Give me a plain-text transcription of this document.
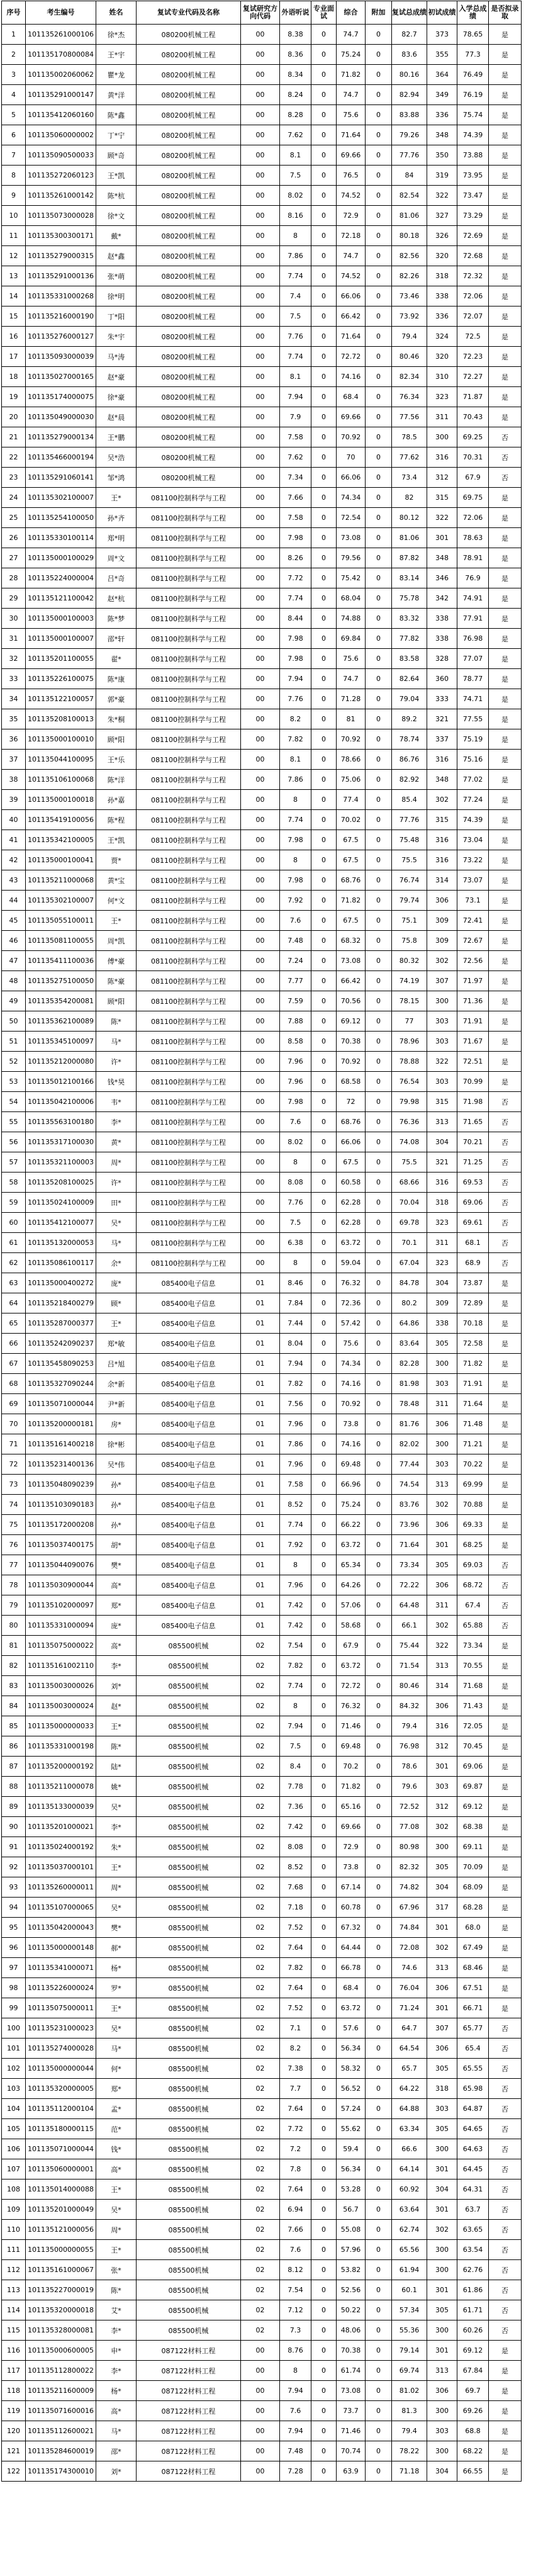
序号	考生编号	姓名	复试专业代码及名称	复试研究方向代码	外语听说	专业面试	综合	附加	复试总成绩	初试成绩	入学总成绩	是否拟录取
1	101135261000106	徐*杰	080200机械工程	00	8.38	0	74.7	0	82.7	373	78.65	是
2	101135170800084	王*宇	080200机械工程	00	8.36	0	75.24	0	83.6	355	77.3	是
3	101135002060062	瞿*龙	080200机械工程	00	8.34	0	71.82	0	80.16	364	76.49	是
4	101135291000147	黄*洋	080200机械工程	00	8.24	0	74.7	0	82.94	349	76.19	是
5	101135412060160	陈*鑫	080200机械工程	00	8.28	0	75.6	0	83.88	336	75.74	是
6	101135060000002	丁*宁	080200机械工程	00	7.62	0	71.64	0	79.26	348	74.39	是
7	101135090500033	顾*奇	080200机械工程	00	8.1	0	69.66	0	77.76	350	73.88	是
8	101135272060123	王*凯	080200机械工程	00	7.5	0	76.5	0	84	319	73.95	是
9	101135261000142	陈*杭	080200机械工程	00	8.02	0	74.52	0	82.54	322	73.47	是
10	101135073000028	徐*文	080200机械工程	00	8.16	0	72.9	0	81.06	327	73.29	是
11	101135300300171	戴*	080200机械工程	00	8	0	72.18	0	80.18	326	72.69	是
12	101135279000315	赵*鑫	080200机械工程	00	7.86	0	74.7	0	82.56	320	72.68	是
13	101135291000136	张*萌	080200机械工程	00	7.74	0	74.52	0	82.26	318	72.32	是
14	101135331000268	徐*明	080200机械工程	00	7.4	0	66.06	0	73.46	338	72.06	是
15	101135216000190	丁*阳	080200机械工程	00	7.5	0	66.42	0	73.92	336	72.07	是
16	101135276000127	朱*宇	080200机械工程	00	7.76	0	71.64	0	79.4	324	72.5	是
17	101135093000039	马*涛	080200机械工程	00	7.74	0	72.72	0	80.46	320	72.23	是
18	101135027000165	赵*豪	080200机械工程	00	8.1	0	74.16	0	82.34	310	72.27	是
19	101135174000075	徐*豪	080200机械工程	00	7.94	0	68.4	0	76.34	323	71.87	是
20	101135049000030	赵*晨	080200机械工程	00	7.9	0	69.66	0	77.56	311	70.43	是
21	101135279000134	王*鹏	080200机械工程	00	7.58	0	70.92	0	78.5	300	69.25	否
22	101135466000194	吴*浩	080200机械工程	00	7.62	0	70	0	77.62	316	70.31	否
23	101135291060141	邹*鸿	080200机械工程	00	7.34	0	66.06	0	73.4	312	67.9	否
24	101135302100007	王*	081100控制科学与工程	00	7.66	0	74.34	0	82	315	69.75	是
25	101135254100050	孙*齐	081100控制科学与工程	00	7.58	0	72.54	0	80.12	322	72.06	是
26	101135330100114	郑*明	081100控制科学与工程	00	7.98	0	73.08	0	81.06	301	78.63	是
27	101135000100029	周*文	081100控制科学与工程	00	8.26	0	79.56	0	87.82	348	78.91	是
28	101135224000004	吕*奇	081100控制科学与工程	00	7.72	0	75.42	0	83.14	346	76.9	是
29	101135121100042	赵*杭	081100控制科学与工程	00	7.74	0	68.04	0	75.78	342	74.91	是
30	101135000100003	陈*梦	081100控制科学与工程	00	8.44	0	74.88	0	83.32	338	77.91	是
31	101135000100007	邵*轩	081100控制科学与工程	00	7.98	0	69.84	0	77.82	338	76.98	是
32	101135201100055	翟*	081100控制科学与工程	00	7.98	0	75.6	0	83.58	328	77.07	是
33	101135226100075	陈*康	081100控制科学与工程	00	7.94	0	74.7	0	82.64	360	78.77	是
34	101135122100057	郭*豪	081100控制科学与工程	00	7.76	0	71.28	0	79.04	333	74.71	是
35	101135208100013	朱*桐	081100控制科学与工程	00	8.2	0	81	0	89.2	321	77.55	是
36	101135000100010	顾*阳	081100控制科学与工程	00	7.82	0	70.92	0	78.74	337	75.19	是
37	101135044100095	王*乐	081100控制科学与工程	00	8.1	0	78.66	0	86.76	316	75.16	是
38	101135106100068	陈*洋	081100控制科学与工程	00	7.86	0	75.06	0	82.92	348	77.02	是
39	101135000100018	孙*嘉	081100控制科学与工程	00	8	0	77.4	0	85.4	302	77.24	是
40	101135419100056	陈*程	081100控制科学与工程	00	7.74	0	70.02	0	77.76	315	74.39	是
41	101135342100005	王*凯	081100控制科学与工程	00	7.98	0	67.5	0	75.48	316	73.04	是
42	101135000100041	贾*	081100控制科学与工程	00	8	0	67.5	0	75.5	316	73.22	是
43	101135211000068	黄*宝	081100控制科学与工程	00	7.98	0	68.76	0	76.74	314	73.07	是
44	101135302100007	何*文	081100控制科学与工程	00	7.92	0	71.82	0	79.74	306	73.1	是
45	101135055100011	王*	081100控制科学与工程	00	7.6	0	67.5	0	75.1	309	72.41	是
46	101135081100055	周*凯	081100控制科学与工程	00	7.48	0	68.32	0	75.8	309	72.67	是
47	101135411100036	傅*豪	081100控制科学与工程	00	7.24	0	73.08	0	80.32	302	72.56	是
48	101135275100050	陈*豪	081100控制科学与工程	00	7.77	0	66.42	0	74.19	307	71.97	是
49	101135354200081	顾*阳	081100控制科学与工程	00	7.59	0	70.56	0	78.15	300	71.36	是
50	101135362100089	陈*	081100控制科学与工程	00	7.88	0	69.12	0	77	303	71.91	是
51	101135345100097	马*	081100控制科学与工程	00	8.58	0	70.38	0	78.96	303	71.67	是
52	101135212000080	许*	081100控制科学与工程	00	7.96	0	70.92	0	78.88	322	72.51	是
53	101135012100166	钱*昊	081100控制科学与工程	00	7.96	0	68.58	0	76.54	303	70.99	是
54	101135042100006	韦*	081100控制科学与工程	00	7.98	0	72	0	79.98	315	71.98	否
55	101135563100180	李*	081100控制科学与工程	00	7.6	0	68.76	0	76.36	313	71.65	否
56	101135317100030	黄*	081100控制科学与工程	00	8.02	0	66.06	0	74.08	304	70.21	否
57	101135321100003	周*	081100控制科学与工程	00	8	0	67.5	0	75.5	321	71.25	否
58	101135208100025	许*	081100控制科学与工程	00	8.08	0	60.58	0	68.66	316	69.53	否
59	101135024100009	田*	081100控制科学与工程	00	7.76	0	62.28	0	70.04	318	69.06	否
60	101135412100077	吴*	081100控制科学与工程	00	7.5	0	62.28	0	69.78	323	69.61	否
61	101135132000053	马*	081100控制科学与工程	00	6.38	0	63.72	0	70.1	311	68.1	否
62	101135086100117	余*	081100控制科学与工程	00	8	0	59.04	0	67.04	323	68.9	否
63	101135000400272	庞*	085400电子信息	01	8.46	0	76.32	0	84.78	304	73.87	是
64	101135218400279	顾*	085400电子信息	01	7.84	0	72.36	0	80.2	309	72.89	是
65	101135287000377	王*	085400电子信息	01	7.44	0	57.42	0	64.86	338	70.18	是
66	101135242090237	郑*敏	085400电子信息	01	8.04	0	75.6	0	83.64	305	72.58	是
67	101135458090253	吕*旭	085400电子信息	01	7.94	0	74.34	0	82.28	300	71.82	是
68	101135327090244	余*新	085400电子信息	01	7.82	0	74.16	0	81.98	303	71.91	是
69	101135071000044	尹*新	085400电子信息	01	7.56	0	70.92	0	78.48	311	71.64	是
70	101135200000181	房*	085400电子信息	01	7.96	0	73.8	0	81.76	306	71.48	是
71	101135161400218	徐*彬	085400电子信息	01	7.86	0	74.16	0	82.02	300	71.21	是
72	101135231400136	吴*伟	085400电子信息	01	7.96	0	69.48	0	77.44	303	70.22	是
73	101135048090239	孙*	085400电子信息	01	7.58	0	66.96	0	74.54	313	69.99	是
74	101135103090183	孙*	085400电子信息	01	8.52	0	75.24	0	83.76	302	70.88	是
75	101135172000208	孙*	085400电子信息	01	7.74	0	66.22	0	73.96	306	69.33	是
76	101135037400175	胡*	085400电子信息	01	7.92	0	63.72	0	71.64	301	68.25	是
77	101135044090076	樊*	085400电子信息	01	8	0	65.34	0	73.34	305	69.03	否
78	101135030900044	高*	085400电子信息	01	7.96	0	64.26	0	72.22	306	68.72	否
79	101135102000097	郑*	085400电子信息	01	7.42	0	57.06	0	64.48	311	67.4	否
80	101135331000094	庞*	085400电子信息	01	7.42	0	58.68	0	66.1	302	65.88	否
81	101135075000022	高*	085500机械	02	7.54	0	67.9	0	75.44	322	73.34	是
82	101135161002110	李*	085500机械	02	7.82	0	63.72	0	71.54	313	70.55	是
83	101135003000026	刘*	085500机械	02	7.74	0	72.72	0	80.46	314	71.68	是
84	101135003000024	赵*	085500机械	02	8	0	76.32	0	84.32	306	71.43	是
85	101135000000033	王*	085500机械	02	7.94	0	71.46	0	79.4	316	72.05	是
86	101135331000198	陈*	085500机械	02	7.5	0	69.48	0	76.98	312	70.45	是
87	101135200000192	陆*	085500机械	02	8.4	0	70.2	0	78.6	301	69.06	是
88	101135211000078	姚*	085500机械	02	7.78	0	71.82	0	79.6	303	69.87	是
89	101135133000039	吴*	085500机械	02	7.36	0	65.16	0	72.52	312	69.12	是
90	101135201000021	李*	085500机械	02	7.42	0	69.66	0	77.08	302	68.38	是
91	101135024000192	朱*	085500机械	02	8.08	0	72.9	0	80.98	300	69.11	是
92	101135037000101	王*	085500机械	02	8.52	0	73.8	0	82.32	305	70.09	是
93	101135260000011	周*	085500机械	02	7.68	0	67.14	0	74.82	304	68.09	是
94	101135107000065	吴*	085500机械	02	7.18	0	60.78	0	67.96	317	68.28	是
95	101135042000043	樊*	085500机械	02	7.52	0	67.32	0	74.84	301	68.0	是
96	101135000000148	郝*	085500机械	02	7.64	0	64.44	0	72.08	302	67.49	是
97	101135341000071	杨*	085500机械	02	7.82	0	66.78	0	74.6	313	68.46	是
98	101135226000024	罗*	085500机械	02	7.64	0	68.4	0	76.04	306	67.51	是
99	101135075000011	王*	085500机械	02	7.52	0	63.72	0	71.24	301	66.71	是
100	101135231000023	吴*	085500机械	02	7.1	0	57.6	0	64.7	307	65.77	否
101	101135274000028	马*	085500机械	02	8.2	0	56.34	0	64.54	306	65.4	否
102	101135000000044	何*	085500机械	02	7.38	0	58.32	0	65.7	305	65.55	否
103	101135320000005	郑*	085500机械	02	7.7	0	56.52	0	64.22	318	65.98	否
104	101135112000104	孟*	085500机械	02	7.64	0	57.24	0	64.88	303	64.87	否
105	101135180000115	范*	085500机械	02	7.72	0	55.62	0	63.34	305	64.65	否
106	101135071000044	钱*	085500机械	02	7.2	0	59.4	0	66.6	300	64.63	否
107	101135060000001	高*	085500机械	02	7.8	0	56.34	0	64.14	301	64.45	否
108	101135014000088	王*	085500机械	02	7.64	0	53.28	0	60.92	304	64.31	否
109	101135201000049	吴*	085500机械	02	6.94	0	56.7	0	63.64	301	63.7	否
110	101135121000056	周*	085500机械	02	7.66	0	55.08	0	62.74	302	63.65	否
111	101135000000055	王*	085500机械	02	7.6	0	57.96	0	65.56	300	63.54	否
112	101135161000067	张*	085500机械	02	8.12	0	53.82	0	61.94	300	62.76	否
113	101135227000019	陈*	085500机械	02	7.54	0	52.56	0	60.1	301	61.86	否
114	101135320000018	艾*	085500机械	02	7.12	0	50.22	0	57.34	305	61.71	否
115	101135328000081	李*	085500机械	02	7.3	0	48.06	0	55.36	300	60.26	否
116	101135000600005	申*	087122材料工程	00	8.76	0	70.38	0	79.14	301	69.12	是
117	101135112800022	李*	087122材料工程	00	8	0	61.74	0	69.74	313	67.84	是
118	101135211600009	杨*	087122材料工程	00	7.94	0	73.08	0	81.02	306	69.7	是
119	101135071600016	高*	087122材料工程	00	7.6	0	73.7	0	81.3	300	69.26	是
120	101135112600021	马*	087122材料工程	00	7.94	0	71.46	0	79.4	303	68.8	是
121	101135284600019	邵*	087122材料工程	00	7.48	0	70.74	0	78.22	300	68.22	是
122	101135174300010	刘*	087122材料工程	00	7.28	0	63.9	0	71.18	304	66.55	是
